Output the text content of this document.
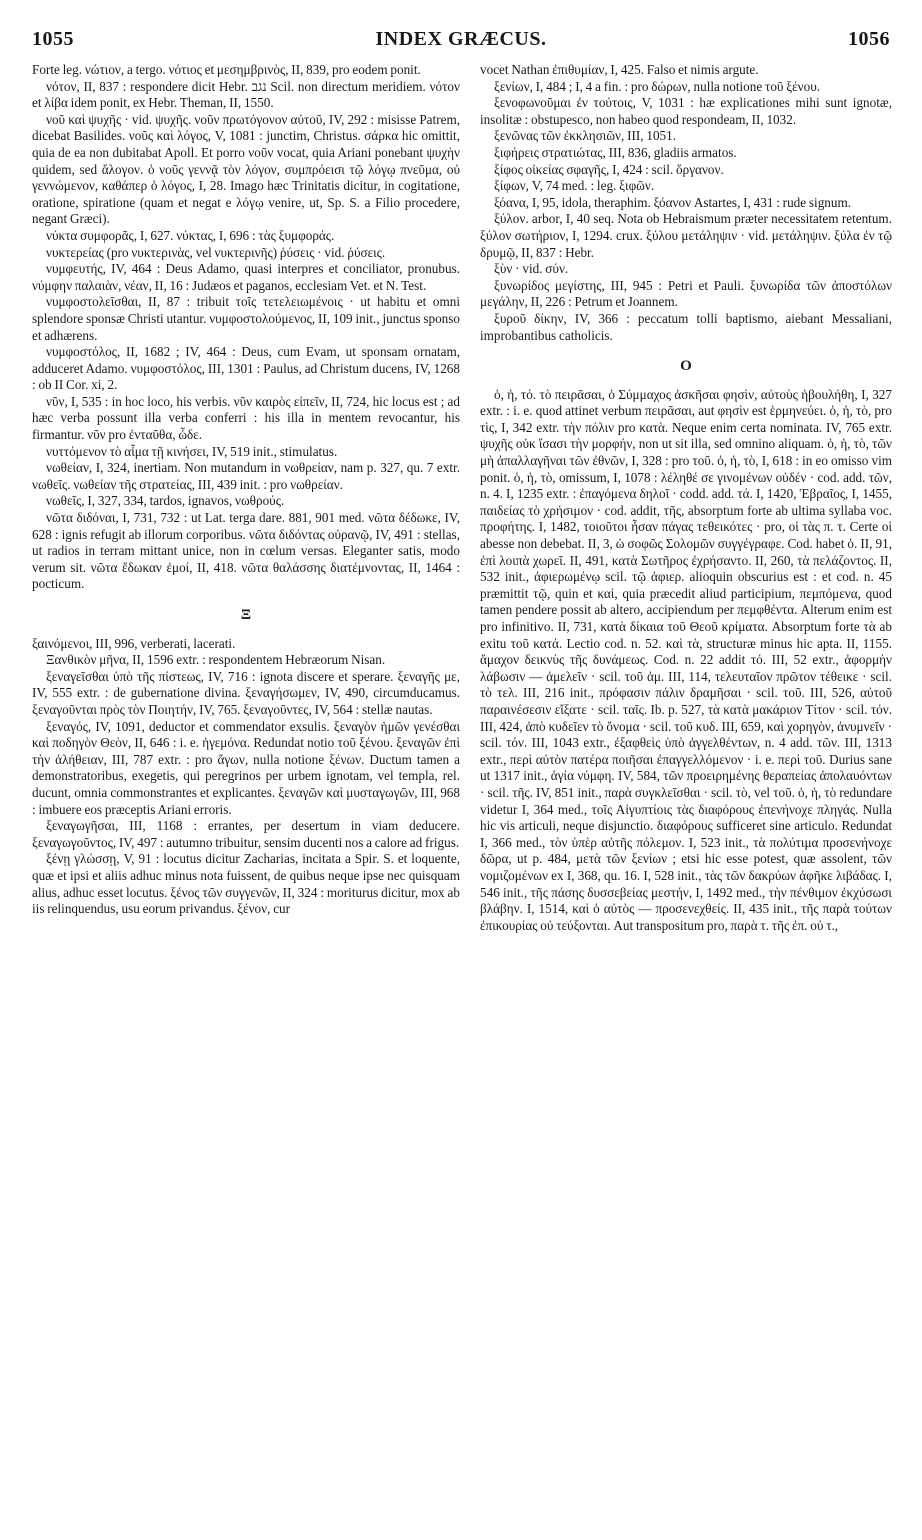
1055	INDEX GRÆCUS.	1056

Forte leg. νώτιον, a tergo. νότιος et μεσημβρινὸς, II, 839, pro eodem ponit.

νότον, II, 837 : respondere dicit Hebr. נגב Scil. non directum meridiem. νότον et λίβα idem ponit, ex Hebr. Theman, II, 1550.

νοῦ καὶ ψυχῆς · vid. ψυχῆς. νοῦν πρωτόγονον αὐτοῦ, IV, 292 : misisse Patrem, dicebat Basilides. νοῦς καὶ λόγος, V, 1081 : junctim, Christus. σάρκα hic omittit, quia de ea non dubitabat Apoll. Et porro νοῦν vocat, quia Ariani ponebant ψυχὴν quidem, sed ἄλογον. ὁ νοῦς γεννᾷ τὸν λόγον, συμπρόεισι τῷ λόγῳ πνεῦμα, οὐ γεννώμενον, καθάπερ ὁ λόγος, I, 28. Imago hæc Trinitatis dicitur, in cogitatione, oratione, spiratione (quam et negat e λόγῳ venire, ut, Sp. S. a Filio procedere, negant Græci).

νύκτα συμφορᾶς, I, 627. νύκτας, I, 696 : τὰς ξυμφοράς.

νυκτερείας (pro νυκτερινὰς, vel νυκτερινῆς) ῥύσεις · vid. ῥύσεις.

νυμφευτής, IV, 464 : Deus Adamo, quasi interpres et conciliator, pronubus. νύμφην παλαιὰν, νέαν, II, 16 : Judæos et paganos, ecclesiam Vet. et N. Test.

νυμφοστολεῖσθαι, II, 87 : tribuit τοῖς τετελειωμένοις · ut habitu et omni splendore sponsæ Christi utantur. νυμφοστολούμενος, II, 109 init., junctus sponso et adhærens.

νυμφοστόλος, II, 1682 ; IV, 464 : Deus, cum Evam, ut sponsam ornatam, adduceret Adamo. νυμφοστόλος, III, 1301 : Paulus, ad Christum ducens, IV, 1268 : ob II Cor. xi, 2.

νῦν, I, 535 : in hoc loco, his verbis. νῦν καιρὸς εἰπεῖν, II, 724, hic locus est ; ad hæc verba possunt illa verba conferri : his illa in mentem revocantur, his firmantur. νῦν pro ἐνταῦθα, ὧδε.

νυττόμενον τὸ αἷμα τῇ κινήσει, IV, 519 init., stimulatus.

νωθείαν, I, 324, inertiam. Non mutandum in νωθρείαν, nam p. 327, qu. 7 extr. νωθεῖς. νωθείαν τῆς στρατείας, III, 439 init. : pro νωθρείαν.

νωθεῖς, I, 327, 334, tardos, ignavos, νωθρούς.

νῶτα διδόναι, I, 731, 732 : ut Lat. terga dare. 881, 901 med. νῶτα δέδωκε, IV, 628 : ignis refugit ab illorum corporibus. νῶτα διδόντας οὐρανῷ, IV, 491 : stellas, ut radios in terram mittant unice, non in cœlum versas. Eleganter satis, modo verum sit. νῶτα ἔδωκαν ἐμοί, II, 418. νῶτα θαλάσσης διατέμνοντας, II, 1464 : pocticum.

Ξ

ξαινόμενοι, III, 996, verberati, lacerati.

Ξανθικὸν μῆνα, II, 1596 extr. : respondentem Hebræorum Nisan.

ξεναγεῖσθαι ὑπὸ τῆς πίστεως, IV, 716 : ignota discere et sperare. ξεναγῆς με, IV, 555 extr. : de gubernatione divina. ξεναγήσωμεν, IV, 490, circumducamus. ξεναγοῦνται πρὸς τὸν Ποιητήν, IV, 765. ξεναγοῦντες, IV, 564 : stellæ nautas.

ξεναγός, IV, 1091, deductor et commendator exsulis. ξεναγὸν ἡμῶν γενέσθαι καὶ ποδηγὸν Θεὸν, II, 646 : i. e. ἡγεμόνα. Redundat notio τοῦ ξένου. ξεναγῶν ἐπὶ τὴν ἀλήθειαν, III, 787 extr. : pro ἄγων, nulla notione ξένων. Ductum tamen a demonstratoribus, exegetis, qui peregrinos per urbem ignotam, vel templa, rel. ducunt, omnia commonstrantes et explicantes. ξεναγῶν καὶ μυσταγωγῶν, III, 968 : imbuere eos præceptis Ariani erroris.

ξεναγωγῆσαι, III, 1168 : errantes, per desertum in viam deducere. ξεναγωγοῦντος, IV, 497 : autumno tribuitur, sensim ducenti nos a calore ad frigus.

ξένῃ γλώσσῃ, V, 91 : locutus dicitur Zacharias, incitata a Spir. S. et loquente, quæ et ipsi et aliis adhuc minus nota fuissent, de quibus neque ipse nec quisquam alius, adhuc esset locutus. ξένος τῶν συγγενῶν, II, 324 : moriturus dicitur, mox ab iis relinquendus, usu eorum privandus. ξένον, cur

vocet Nathan ἐπιθυμίαν, I, 425. Falso et nimis argute.

ξενίων, I, 484 ; I, 4 a fin. : pro δώρων, nulla notione τοῦ ξένου.

ξενοφωνοῦμαι ἐν τούτοις, V, 1031 : hæ explicationes mihi sunt ignotæ, insolitæ : obstupesco, non habeo quod respondeam, II, 1032.

ξενῶνας τῶν ἐκκλησιῶν, III, 1051.

ξιφήρεις στρατιώτας, III, 836, gladiis armatos.

ξίφος οἰκείας σφαγῆς, I, 424 : scil. ὄργανον.

ξίφων, V, 74 med. : leg. ξιφῶν.

ξόανα, I, 95, idola, theraphim. ξόανον Astartes, I, 431 : rude signum.

ξύλον. arbor, I, 40 seq. Nota ob Hebraismum præter necessitatem retentum. ξύλον σωτήριον, I, 1294. crux. ξύλου μετάληψιν · vid. μετάληψιν. ξύλα ἐν τῷ δρυμῷ, II, 837 : Hebr.

ξὺν · vid. σύν.

ξυνωρίδος μεγίστης, III, 945 : Petri et Pauli. ξυνωρίδα τῶν ἀποστόλων μεγάλην, II, 226 : Petrum et Joannem.

ξυροῦ δίκην, IV, 366 : peccatum tolli baptismo, aiebant Messaliani, improbantibus catholicis.

O

ὁ, ἡ, τό. τὸ πειρᾶσαι, ὁ Σύμμαχος ἀσκῆσαι φησὶν, αὐτοὺς ἠβουλήθη, I, 327 extr. : i. e. quod attinet verbum πειρᾶσαι, aut φησὶν est ἑρμηνεύει. ὁ, ἡ, τὸ, pro τὶς, I, 342 extr. τὴν πόλιν pro κατὰ. Neque enim certa nominata. IV, 765 extr. ψυχῆς οὐκ ἴσασι τὴν μορφήν, non ut sit illa, sed omnino aliquam. ὁ, ἡ, τὸ, τῶν μὴ ἀπαλλαγῆναι τῶν ἐθνῶν, I, 328 : pro τοῦ. ὁ, ἡ, τὸ, I, 618 : in eo omisso vim ponit. ὁ, ἡ, τὸ, omissum, I, 1078 : λέληθέ σε γινομένων οὐδέν · cod. add. τῶν, n. 4. I, 1235 extr. : ἐπαγόμενα δηλοῖ · codd. add. τά. I, 1420, Ἑβραῖος, I, 1455, παιδείας τὸ χρήσιμον · cod. addit, τῆς, absorptum forte ab ultima syllaba voc. προφήτης. I, 1482, τοιοῦτοι ἦσαν πάγας τεθεικότες · pro, οἱ τὰς π. τ. Certe οἱ abesse non debebat. II, 3, ὡ σοφῶς Σολομῶν συγγέγραφε. Cod. habet ὁ. II, 91, ἐπὶ λοιπὰ χωρεῖ. II, 491, κατὰ Σωτῆρος ἐχρήσαντο. II, 260, τὰ πελάζοντος. II, 532 init., ἀφιερωμένῳ scil. τῷ ἀφιερ. alioquin obscurius est : et cod. n. 45 præmittit τῷ, quin et καὶ, quia præcedit aliud participium, πεμπόμενα, quod tamen pendere possit ab altero, accipiendum per πεμφθέντα. Alterum enim est pro infinitivo. II, 731, κατὰ δίκαια τοῦ Θεοῦ κρίματα. Absorptum forte τὰ ab exitu τοῦ κατά. Lectio cod. n. 52. καὶ τὰ, structuræ minus hic apta. II, 1155. ἄμαχον δεικνὺς τῆς δυνάμεως. Cod. n. 22 addit τό. III, 52 extr., ἀφορμὴν λάβωσιν — ἀμελεῖν · scil. τοῦ ἀμ. III, 114, τελευταῖον πρῶτον τέθεικε · scil. τὸ τελ. III, 216 init., πρόφασιν πάλιν δραμῆσαι · scil. τοῦ. III, 526, αὐτοῦ παραινέσεσιν εἴξατε · scil. ταῖς. Ib. p. 527, τὰ κατὰ μακάριον Τίτον · scil. τόν. III, 424, ἀπὸ κυδεῖεν τὸ ὄνομα · scil. τοῦ κυδ. III, 659, καὶ χορηγὸν, ἀνυμνεῖν · scil. τόν. III, 1043 extr., ἐξαφθεὶς ὑπὸ ἀγγελθέντων, n. 4 add. τῶν. III, 1313 extr., περὶ αὐτὸν πατέρα ποιῆσαι ἐπαγγελλόμενον · i. e. περὶ τοῦ. Durius sane ut 1317 init., ἁγία νύμφη. IV, 584, τῶν προειρημένης θεραπείας ἀπολαυόντων · scil. τῆς. IV, 851 init., παρὰ συγκλεῖσθαι · scil. τὸ, vel τοῦ. ὁ, ἡ, τὸ redundare videtur I, 364 med., τοῖς Αἰγυπτίοις τὰς διαφόρους ἐπενήνοχε πληγάς. Nulla hic vis articuli, neque disjunctio. διαφόρους sufficeret sine articulo. Redundat I, 366 med., τὸν ὑπὲρ αὐτῆς πόλεμον. I, 523 init., τὰ πολύτιμα προσενήνοχε δῶρα, ut p. 484, μετὰ τῶν ξενίων ; etsi hic esse potest, quæ assolent, τῶν νομιζομένων ex I, 368, qu. 16. I, 528 init., τὰς τῶν δακρύων ἀφῆκε λιβάδας. I, 546 init., τῆς πάσης δυσσεβείας μεστήν, I, 1492 med., τὴν πένθιμον ἐκχύσωσι βλάβην. I, 1514, καὶ ὁ αὐτὸς — προσενεχθείς. II, 435 init., τῆς παρὰ τούτων ἐπικουρίας οὐ τεύξονται. Aut transpositum pro, παρὰ τ. τῆς ἐπ. οὐ τ.,
